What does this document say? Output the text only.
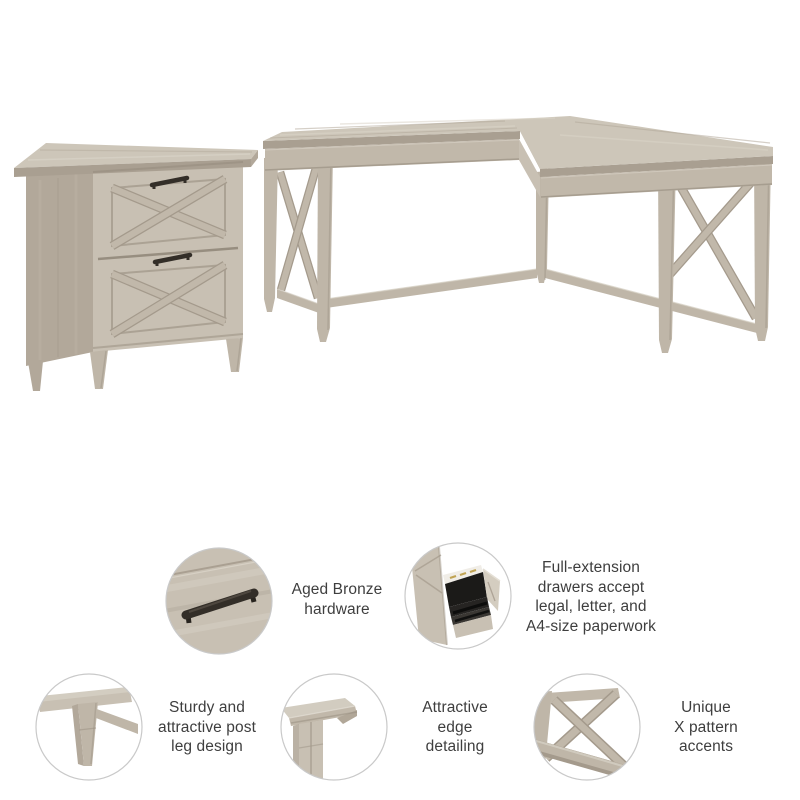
Aged Bronze
hardware
Full-extension
drawers accept
legal, letter, and
A4-size paperwork
Sturdy and
attractive post
leg design
Attractive
edge
detailing
Unique
X pattern
accents
